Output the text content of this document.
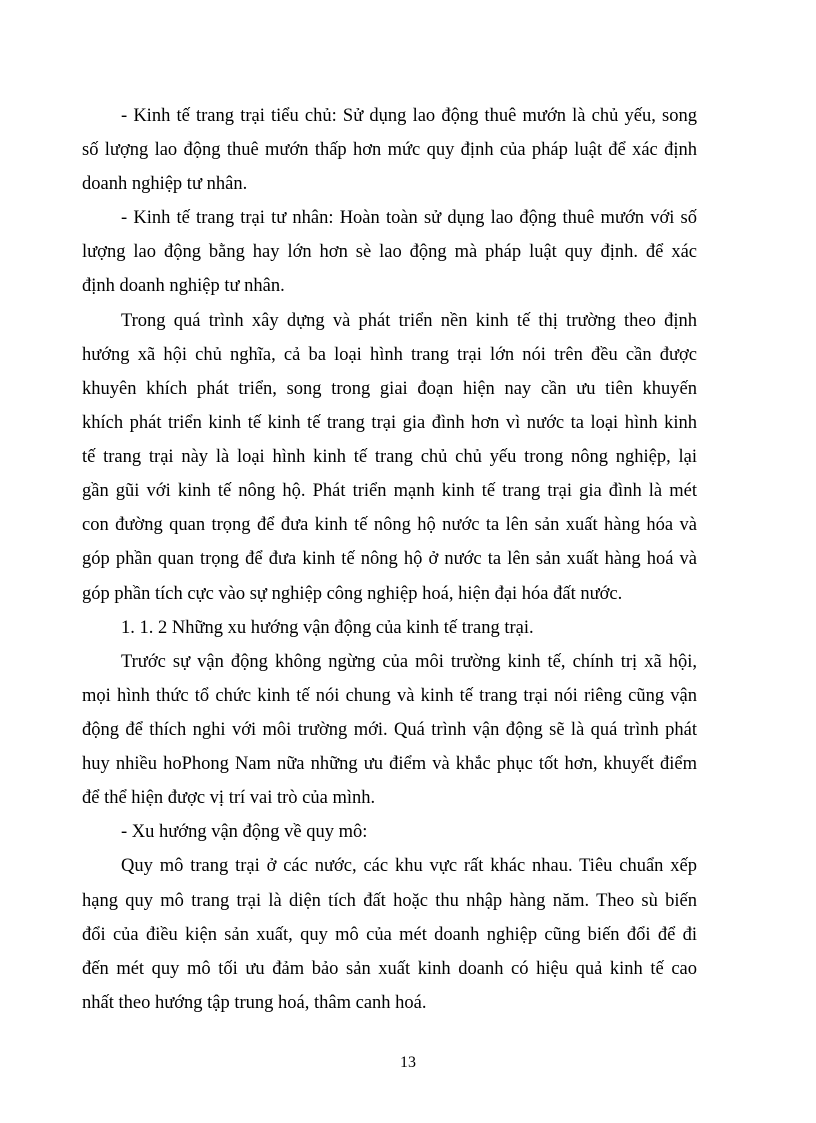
- Kinh tế trang trại tiểu chủ: Sử dụng lao động thuê mướn là chủ yếu, song
số lượng lao động thuê mướn thấp hơn mức quy định của pháp luật để xác định
doanh nghiệp tư nhân.
- Kinh tế trang trại tư nhân: Hoàn toàn sử dụng lao động thuê mướn với số
lượng lao động bằng hay lớn hơn sè lao động mà pháp luật quy định. để xác
định doanh nghiệp tư nhân.
Trong quá trình xây dựng và phát triển nền kinh tế thị trường theo định
hướng xã hội chủ nghĩa, cả ba loại hình trang trại lớn nói trên đều cần được
khuyên khích phát triển, song trong giai đoạn hiện nay cần ưu tiên khuyến
khích phát triển kinh tế kinh tế trang trại gia đình hơn vì nước ta loại hình kinh
tế trang trại này là loại hình kinh tế trang chủ chủ yếu trong nông nghiệp, lại
gần gũi với kinh tế nông hộ. Phát triển mạnh kinh tế trang trại gia đình là mét
con đường quan trọng để đưa kinh tế nông hộ nước ta lên sản xuất hàng hóa và
góp phần quan trọng để đưa kinh tế nông hộ ở nước ta lên sản xuất hàng hoá và
góp phần tích cực vào sự nghiệp công nghiệp hoá, hiện đại hóa đất nước.
1. 1. 2 Những xu hướng vận động của kinh tế trang trại.
Trước sự vận động không ngừng của môi trường kinh tế, chính trị xã hội,
mọi hình thức tổ chức kinh tế nói chung và kinh tế trang trại nói riêng cũng vận
động để thích nghi với môi trường mới. Quá trình vận động sẽ là quá trình phát
huy nhiều hoPhong Nam nữa những ưu điểm và khắc phục tốt hơn, khuyết điểm
để thể hiện được vị trí vai trò của mình.
- Xu hướng vận động về quy mô:
Quy mô trang trại ở các nước, các khu vực rất khác nhau. Tiêu chuẩn xếp
hạng quy mô trang trại là diện tích đất hoặc thu nhập hàng năm. Theo sù biến
đổi của điều kiện sản xuất, quy mô của mét doanh nghiệp cũng biến đổi để đi
đến mét quy mô tối ưu đảm bảo sản xuất kinh doanh có hiệu quả kinh tế cao
nhất theo hướng tập trung hoá, thâm canh hoá.
13
